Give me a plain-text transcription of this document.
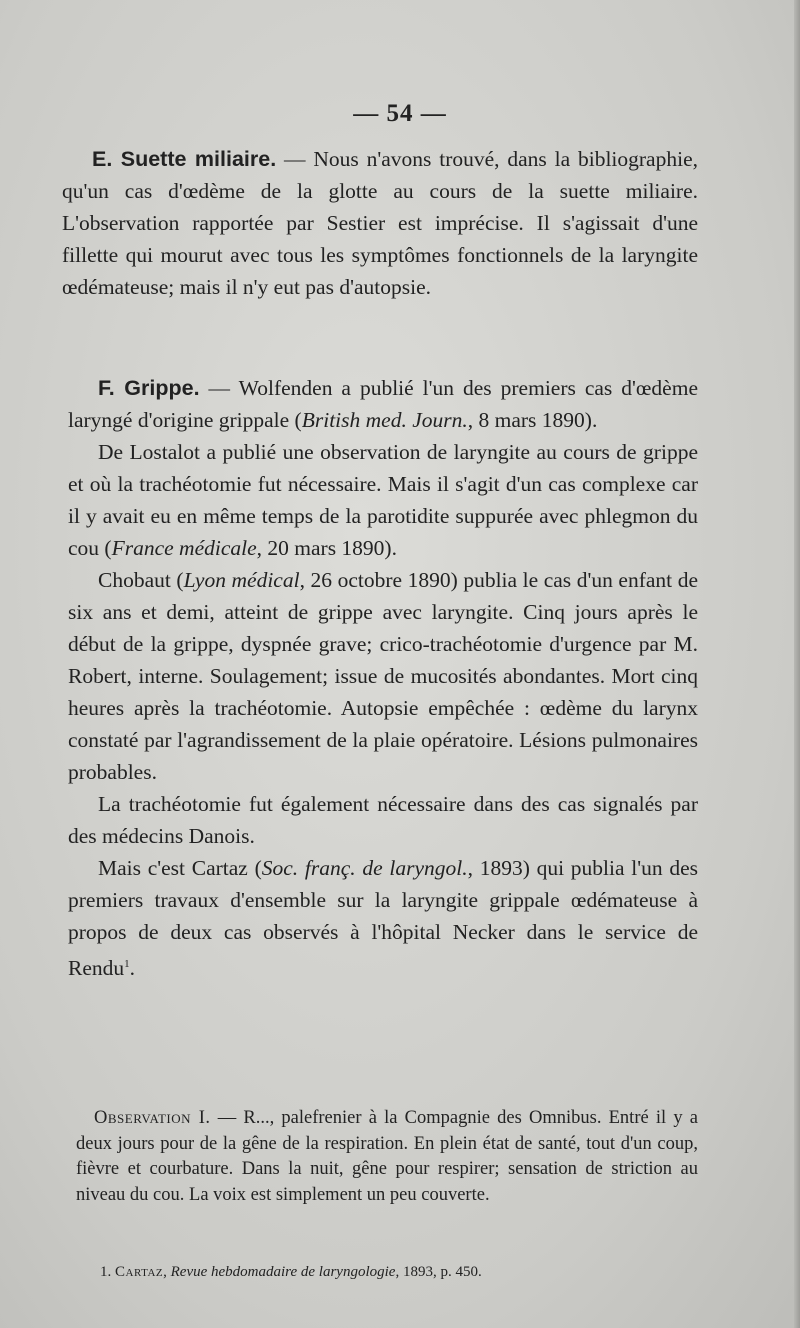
— 54 —

E. Suette miliaire. — Nous n'avons trouvé, dans la bibliographie, qu'un cas d'œdème de la glotte au cours de la suette miliaire. L'observation rapportée par Sestier est imprécise. Il s'agissait d'une fillette qui mourut avec tous les symptômes fonctionnels de la laryngite œdémateuse; mais il n'y eut pas d'autopsie.

F. Grippe. — Wolfenden a publié l'un des premiers cas d'œdème laryngé d'origine grippale (British med. Journ., 8 mars 1890).

De Lostalot a publié une observation de laryngite au cours de grippe et où la trachéotomie fut nécessaire. Mais il s'agit d'un cas complexe car il y avait eu en même temps de la parotidite suppurée avec phlegmon du cou (France médicale, 20 mars 1890).

Chobaut (Lyon médical, 26 octobre 1890) publia le cas d'un enfant de six ans et demi, atteint de grippe avec laryngite. Cinq jours après le début de la grippe, dyspnée grave; crico-trachéotomie d'urgence par M. Robert, interne. Soulagement; issue de mucosités abondantes. Mort cinq heures après la trachéotomie. Autopsie empêchée : œdème du larynx constaté par l'agrandissement de la plaie opératoire. Lésions pulmonaires probables.

La trachéotomie fut également nécessaire dans des cas signalés par des médecins Danois.

Mais c'est Cartaz (Soc. franç. de laryngol., 1893) qui publia l'un des premiers travaux d'ensemble sur la laryngite grippale œdémateuse à propos de deux cas observés à l'hôpital Necker dans le service de Rendu$^1$.

Observation I. — R..., palefrenier à la Compagnie des Omnibus. Entré il y a deux jours pour de la gêne de la respiration. En plein état de santé, tout d'un coup, fièvre et courbature. Dans la nuit, gêne pour respirer; sensation de striction au niveau du cou. La voix est simplement un peu couverte.

1. Cartaz, Revue hebdomadaire de laryngologie, 1893, p. 450.
